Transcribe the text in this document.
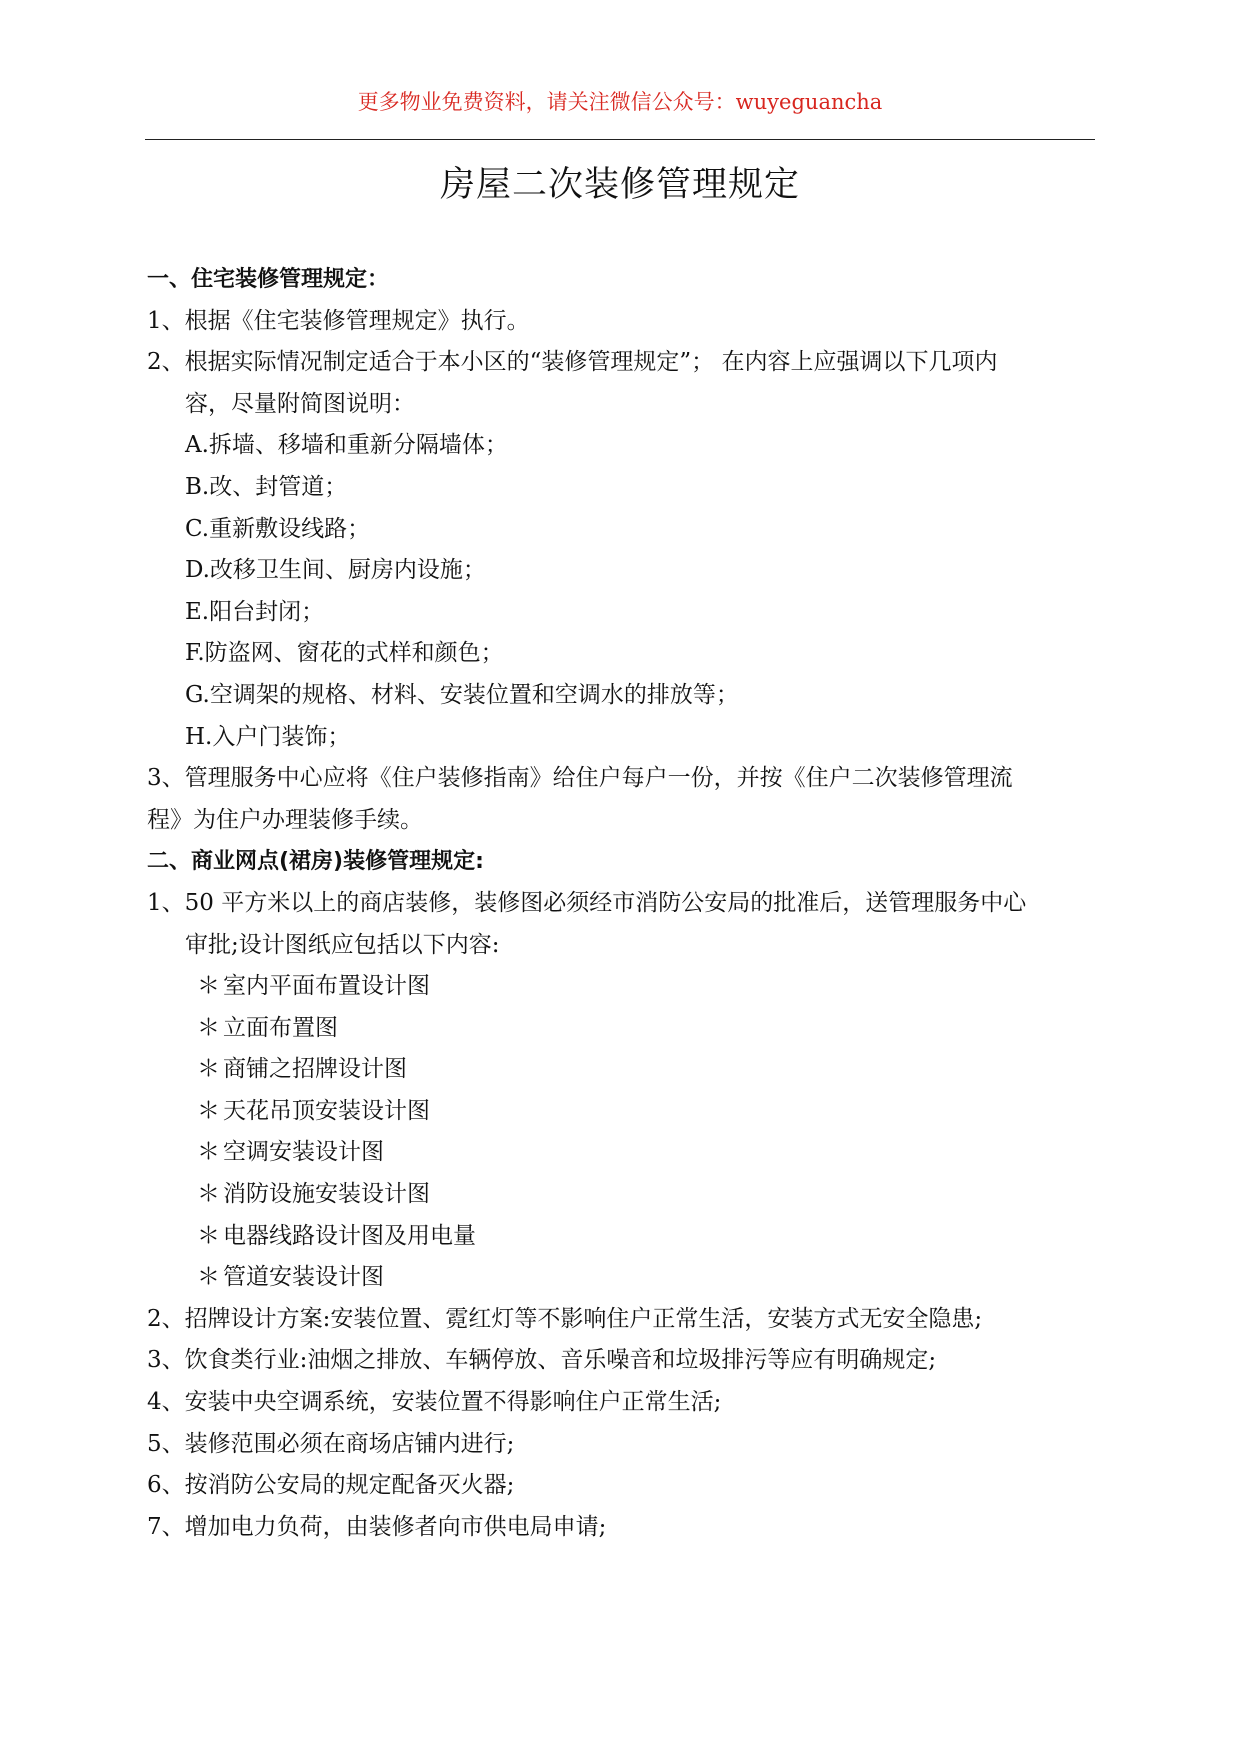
更多物业免费资料，请关注微信公众号：wuyeguancha
房屋二次装修管理规定
一、住宅装修管理规定：
1、根据《住宅装修管理规定》执行。
2、根据实际情况制定适合于本小区的“装修管理规定”； 在内容上应强调以下几项内
容，尽量附简图说明：
A.拆墙、移墙和重新分隔墙体；
B.改、封管道；
C.重新敷设线路；
D.改移卫生间、厨房内设施；
E.阳台封闭；
F.防盗网、窗花的式样和颜色；
G.空调架的规格、材料、安装位置和空调水的排放等；
H.入户门装饰；
3、管理服务中心应将《住户装修指南》给住户每户一份，并按《住户二次装修管理流
程》为住户办理装修手续。
二、商业网点(裙房)装修管理规定:
1、50 平方米以上的商店装修，装修图必须经市消防公安局的批准后，送管理服务中心
审批;设计图纸应包括以下内容:
＊ 室内平面布置设计图
＊ 立面布置图
＊ 商铺之招牌设计图
＊ 天花吊顶安装设计图
＊ 空调安装设计图
＊ 消防设施安装设计图
＊ 电器线路设计图及用电量
＊ 管道安装设计图
2、招牌设计方案:安装位置、霓红灯等不影响住户正常生活，安装方式无安全隐患;
3、饮食类行业:油烟之排放、车辆停放、音乐噪音和垃圾排污等应有明确规定;
4、安装中央空调系统，安装位置不得影响住户正常生活;
5、装修范围必须在商场店铺内进行;
6、按消防公安局的规定配备灭火器;
7、增加电力负荷，由装修者向市供电局申请;
